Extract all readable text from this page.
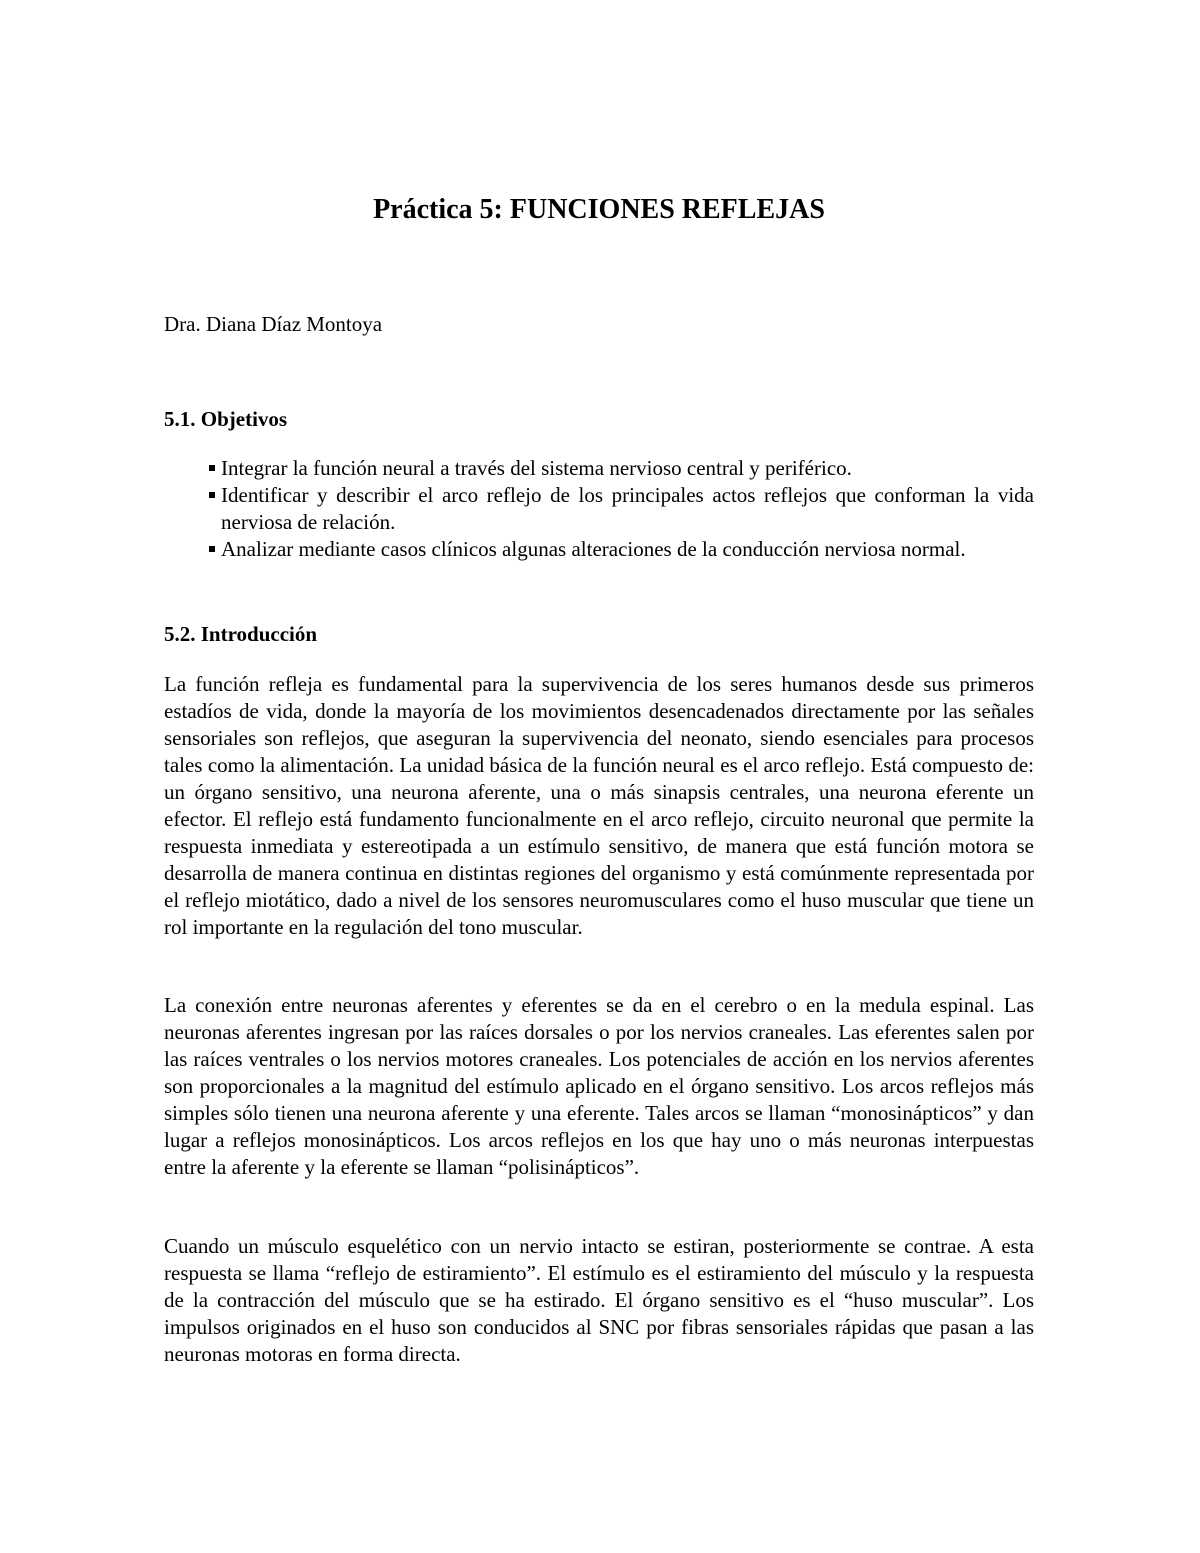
Práctica 5: FUNCIONES REFLEJAS

Dra. Diana Díaz Montoya

5.1. Objetivos
Integrar la función neural a través del sistema nervioso central y periférico.
Identificar y describir el arco reflejo de los principales actos reflejos que conforman la vida nerviosa de relación.
Analizar mediante casos clínicos algunas alteraciones de la conducción nerviosa normal.
5.2. Introducción

La función refleja es fundamental para la supervivencia de los seres humanos desde sus primeros estadíos de vida, donde la mayoría de los movimientos desencadenados directamente por las señales sensoriales son reflejos, que aseguran la supervivencia del neonato, siendo esenciales para procesos tales como la alimentación. La unidad básica de la función neural es el arco reflejo. Está compuesto de: un órgano sensitivo, una neurona aferente, una o más sinapsis centrales, una neurona eferente un efector. El reflejo está fundamento funcionalmente en el arco reflejo, circuito neuronal que permite la respuesta inmediata y estereotipada a un estímulo sensitivo, de manera que está función motora se desarrolla de manera continua en distintas regiones del organismo y está comúnmente representada por el reflejo miotático, dado a nivel de los sensores neuromusculares como el huso muscular que tiene un rol importante en la regulación del tono muscular.

La conexión entre neuronas aferentes y eferentes se da en el cerebro o en la medula espinal. Las neuronas aferentes ingresan por las raíces dorsales o por los nervios craneales. Las eferentes salen por las raíces ventrales o los nervios motores craneales. Los potenciales de acción en los nervios aferentes son proporcionales a la magnitud del estímulo aplicado en el órgano sensitivo. Los arcos reflejos más simples sólo tienen una neurona aferente y una eferente. Tales arcos se llaman “monosinápticos” y dan lugar a reflejos monosinápticos. Los arcos reflejos en los que hay uno o más neuronas interpuestas entre la aferente y la eferente se llaman “polisinápticos”.

Cuando un músculo esquelético con un nervio intacto se estiran, posteriormente se contrae. A esta respuesta se llama “reflejo de estiramiento”. El estímulo es el estiramiento del músculo y la respuesta de la contracción del músculo que se ha estirado. El órgano sensitivo es el “huso muscular”. Los impulsos originados en el huso son conducidos al SNC por fibras sensoriales rápidas que pasan a las neuronas motoras en forma directa.
